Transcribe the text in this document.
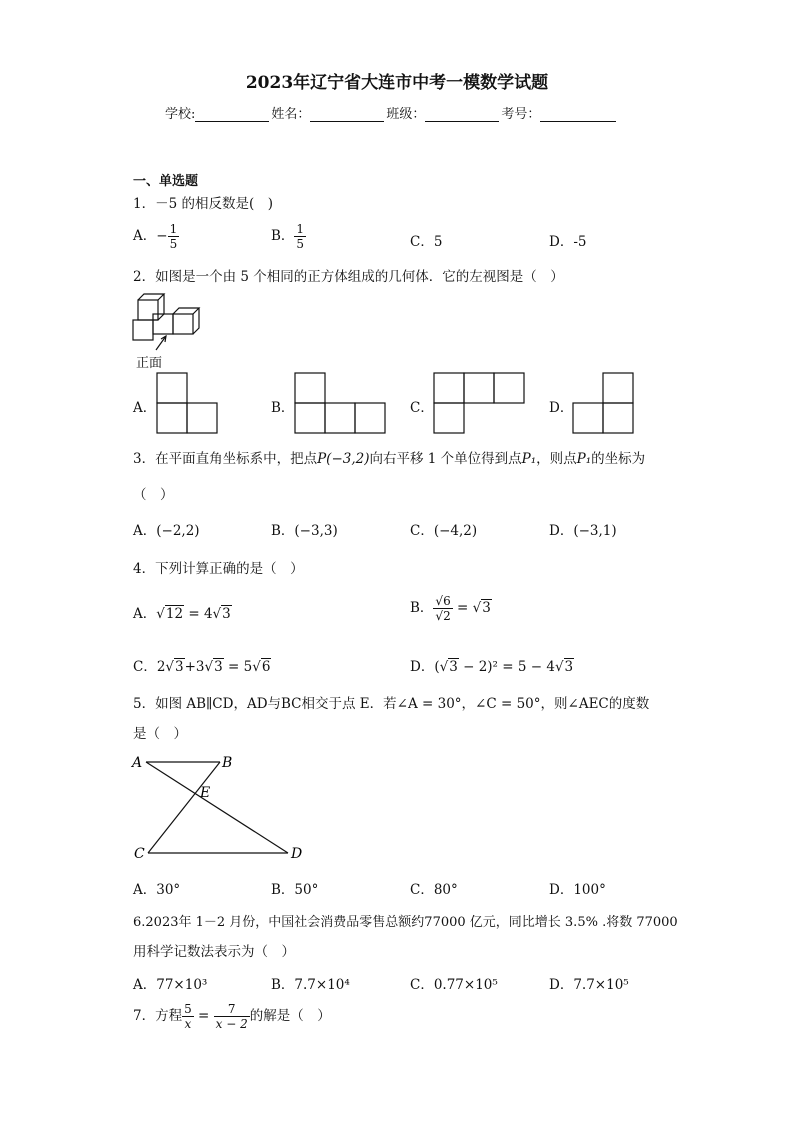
2023年辽宁省大连市中考一模数学试题
学校:	姓名：	班级：	考号：
一、单选题
1．－5 的相反数是(　)
A．− $\frac{1}{5}$	B． $\frac{1}{5}$	C．5	D．-5
2．如图是一个由 5 个相同的正方体组成的几何体．它的左视图是（　）
正面
A．	B．	C．	D．
3．在平面直角坐标系中，把点P(−3,2)向右平移 1 个单位得到点P₁，则点P₁的坐标为
（　）
A．(−2,2)	B．(−3,3)	C．(−4,2)	D．(−3,1)
4．下列计算正确的是（　）
A．√12 = 4√3	B． $\frac{√6}{√2} = √3$
C．2√3+3√3 = 5√6	D．(√3 − 2)² = 5 − 4√3
5．如图 AB∥CD，AD与BC相交于点 E．若∠A = 30°，∠C = 50°，则∠AEC的度数
是（　）
A	B
E
C	D
A．30°	B．50°	C．80°	D．100°
6.2023年 1－2 月份，中国社会消费品零售总额约77000 亿元，同比增长 3.5% .将数 77000
用科学记数法表示为（　）
A．77×10³	B．7.7×10⁴	C．0.77×10⁵	D．7.7×10⁵
7．方程 $\frac{5}{x} = \frac{7}{x - 2}$ 的解是（　）
